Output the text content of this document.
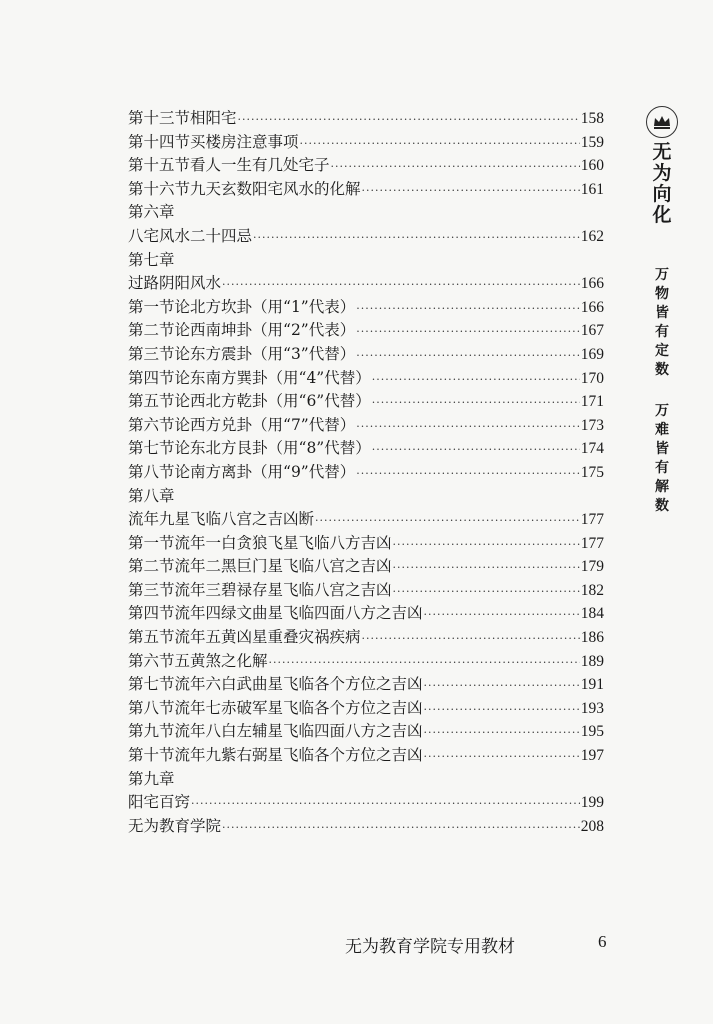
第十三节 相阳宅 ·····	158
第十四节 买楼房注意事项 ·····	159
第十五节 看人一生有几处宅子 ·····	160
第十六节 九天玄数阳宅风水的化解 ·····	161
第六章
八宅风水二十四忌 ·····	162
第七章
过路阴阳风水 ·····	166
第一节 论北方坎卦（用“1”代表） ·····	166
第二节 论西南坤卦（用“2”代表） ·····	167
第三节 论东方震卦（用“3”代替） ·····	169
第四节 论东南方巽卦（用“4”代替） ·····	170
第五节 论西北方乾卦（用“6”代替） ·····	171
第六节 论西方兑卦（用“7”代替） ·····	173
第七节 论东北方艮卦（用“8”代替） ·····	174
第八节 论南方离卦（用“9”代替） ·····	175
第八章
流年九星飞临八宫之吉凶断 ·····	177
第一节 流年一白贪狼飞星飞临八方吉凶 ·····	177
第二节 流年二黑巨门星飞临八宫之吉凶 ·····	179
第三节 流年三碧禄存星飞临八宫之吉凶 ·····	182
第四节 流年四绿文曲星飞临四面八方之吉凶 ·····	184
第五节 流年五黄凶星重叠灾祸疾病 ·····	186
第六节 五黄煞之化解 ·····	189
第七节 流年六白武曲星飞临各个方位之吉凶 ·····	191
第八节 流年七赤破军星飞临各个方位之吉凶 ·····	193
第九节 流年八白左辅星飞临四面八方之吉凶 ·····	195
第十节 流年九紫右弼星飞临各个方位之吉凶 ·····	197
第九章
阳宅百窍 ·····	199
无为教育学院 ·····	208
无为向化
万物皆有定数
万难皆有解数
无为教育学院专用教材	6
